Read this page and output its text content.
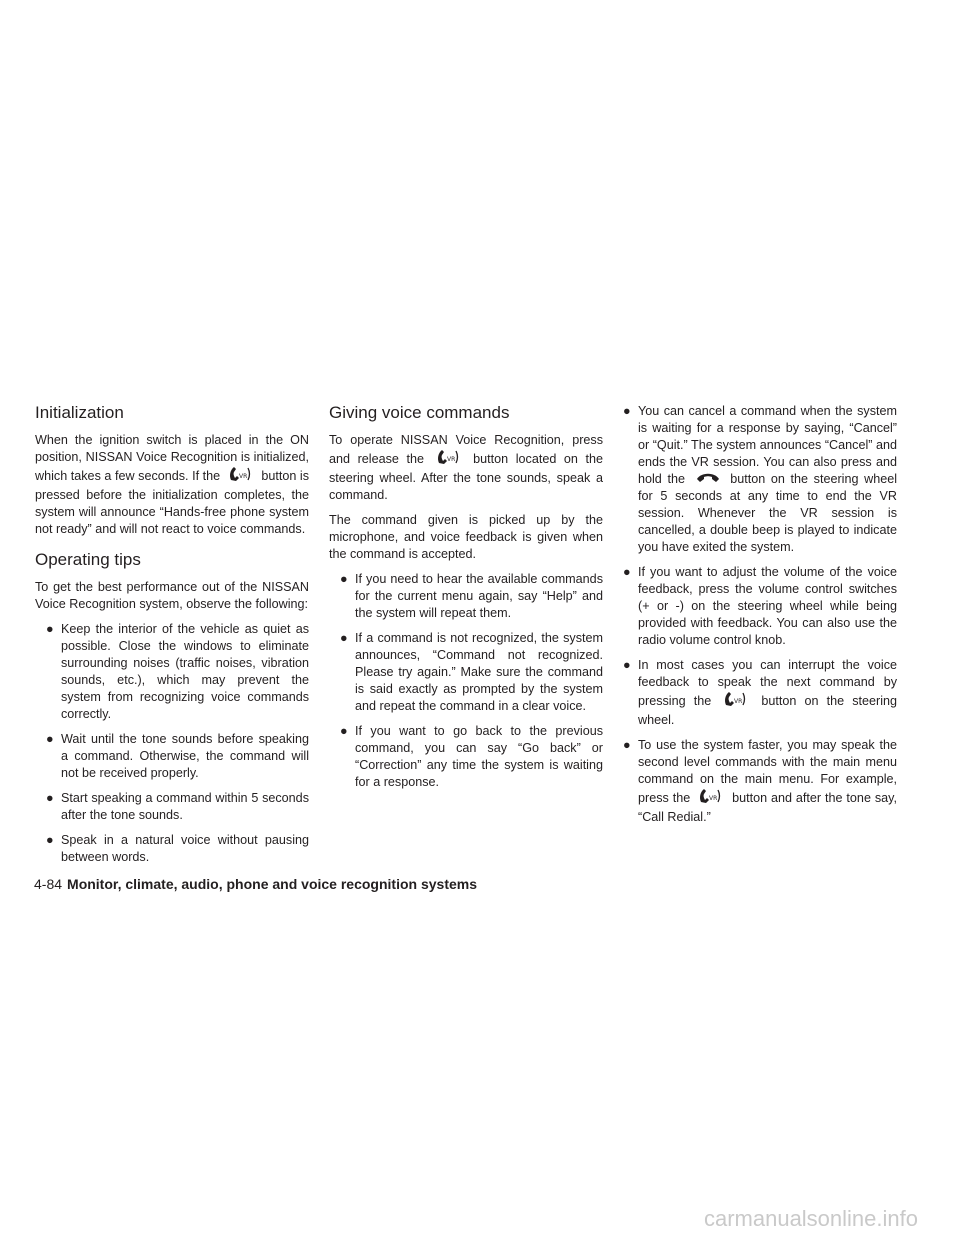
Initialization

When the ignition switch is placed in the ON position, NISSAN Voice Recognition is initialized, which takes a few seconds. If the	VR button is pressed before the initialization completes, the system will announce “Hands-free phone system not ready” and will not react to voice commands.

Operating tips

To get the best performance out of the NISSAN Voice Recognition system, observe the following:

● Keep the interior of the vehicle as quiet as possible. Close the windows to eliminate surrounding noises (traffic noises, vibration sounds, etc.), which may prevent the system from recognizing voice commands correctly.
● Wait until the tone sounds before speaking a command. Otherwise, the command will not be received properly.
● Start speaking a command within 5 seconds after the tone sounds.
● Speak in a natural voice without pausing between words.
Giving voice commands

To operate NISSAN Voice Recognition, press and release the	VR button located on the steering wheel. After the tone sounds, speak a command.

The command given is picked up by the microphone, and voice feedback is given when the command is accepted.

● If you need to hear the available commands for the current menu again, say “Help” and the system will repeat them.
● If a command is not recognized, the system announces, “Command not recognized. Please try again.” Make sure the command is said exactly as prompted by the system and repeat the command in a clear voice.
● If you want to go back to the previous command, you can say “Go back” or “Correction” any time the system is waiting for a response.
● You can cancel a command when the system is waiting for a response by saying, “Cancel” or “Quit.” The system announces “Cancel” and ends the VR session. You can also press and hold the	button on the steering wheel for 5 seconds at any time to end the VR session. Whenever the VR session is cancelled, a double beep is played to indicate you have exited the system.
● If you want to adjust the volume of the voice feedback, press the volume control switches (+ or -) on the steering wheel while being provided with feedback. You can also use the radio volume control knob.
● In most cases you can interrupt the voice feedback to speak the next command by pressing the	VR button on the steering wheel.
● To use the system faster, you may speak the second level commands with the main menu command on the main menu. For example, press the	VR button and after the tone say, “Call Redial.”
4-84 Monitor, climate, audio, phone and voice recognition systems
carmanualsonline.info
